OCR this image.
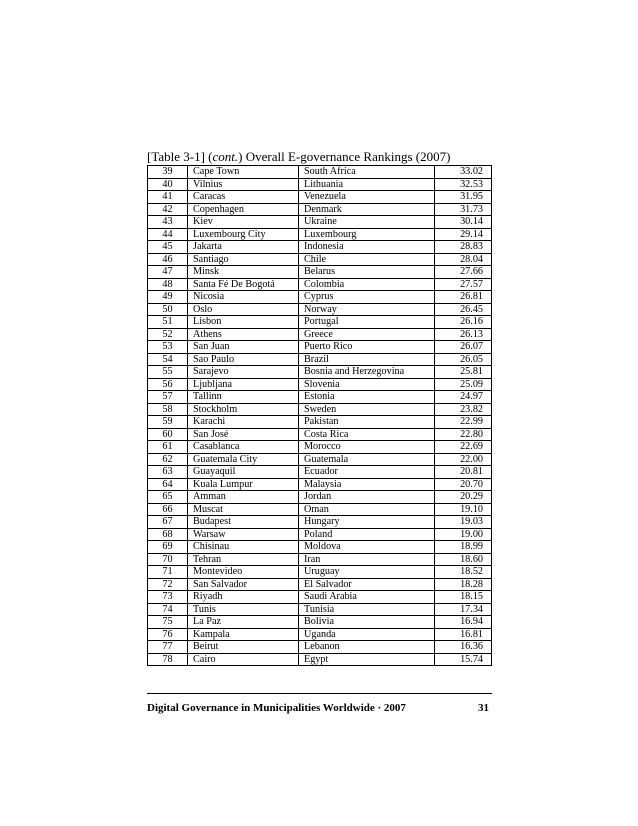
[Table 3-1] (cont.) Overall E-governance Rankings (2007)
39	Cape Town	South Africa	33.02
40	Vilnius	Lithuania	32.53
41	Caracas	Venezuela	31.95
42	Copenhagen	Denmark	31.73
43	Kiev	Ukraine	30.14
44	Luxembourg City	Luxembourg	29.14
45	Jakarta	Indonesia	28.83
46	Santiago	Chile	28.04
47	Minsk	Belarus	27.66
48	Santa Fé De Bogotá	Colombia	27.57
49	Nicosia	Cyprus	26.81
50	Oslo	Norway	26.45
51	Lisbon	Portugal	26.16
52	Athens	Greece	26.13
53	San Juan	Puerto Rico	26.07
54	Sao Paulo	Brazil	26.05
55	Sarajevo	Bosnia and Herzegovina	25.81
56	Ljubljana	Slovenia	25.09
57	Tallinn	Estonia	24.97
58	Stockholm	Sweden	23.82
59	Karachi	Pakistan	22.99
60	San José	Costa Rica	22.80
61	Casablanca	Morocco	22.69
62	Guatemala City	Guatemala	22.00
63	Guayaquil	Ecuador	20.81
64	Kuala Lumpur	Malaysia	20.70
65	Amman	Jordan	20.29
66	Muscat	Oman	19.10
67	Budapest	Hungary	19.03
68	Warsaw	Poland	19.00
69	Chisinau	Moldova	18.99
70	Tehran	Iran	18.60
71	Montevideo	Uruguay	18.52
72	San Salvador	El Salvador	18.28
73	Riyadh	Saudi Arabia	18.15
74	Tunis	Tunisia	17.34
75	La Paz	Bolivia	16.94
76	Kampala	Uganda	16.81
77	Beirut	Lebanon	16.36
78	Cairo	Egypt	15.74
Digital Governance in Municipalities Worldwide · 2007	31
